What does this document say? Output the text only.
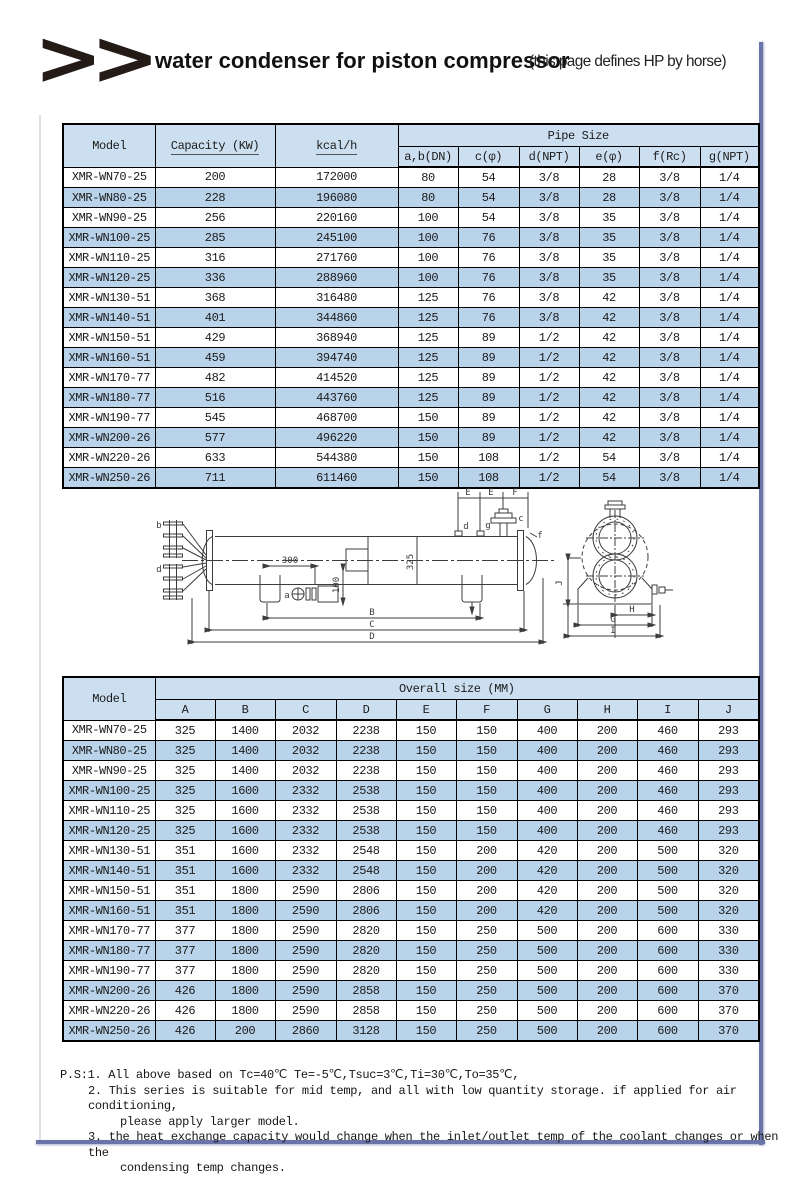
>> water condenser for piston compressor
(this page defines HP by horse)
Model	Capacity (KW)	kcal/h	Pipe Size					
			a,b(DN)	c(φ)	d(NPT)	e(φ)	f(Rc)	g(NPT)
XMR-WN70-25	200	172000	80	54	3/8	28	3/8	1/4
XMR-WN80-25	228	196080	80	54	3/8	28	3/8	1/4
XMR-WN90-25	256	220160	100	54	3/8	35	3/8	1/4
XMR-WN100-25	285	245100	100	76	3/8	35	3/8	1/4
XMR-WN110-25	316	271760	100	76	3/8	35	3/8	1/4
XMR-WN120-25	336	288960	100	76	3/8	35	3/8	1/4
XMR-WN130-51	368	316480	125	76	3/8	42	3/8	1/4
XMR-WN140-51	401	344860	125	76	3/8	42	3/8	1/4
XMR-WN150-51	429	368940	125	89	1/2	42	3/8	1/4
XMR-WN160-51	459	394740	125	89	1/2	42	3/8	1/4
XMR-WN170-77	482	414520	125	89	1/2	42	3/8	1/4
XMR-WN180-77	516	443760	125	89	1/2	42	3/8	1/4
XMR-WN190-77	545	468700	150	89	1/2	42	3/8	1/4
XMR-WN200-26	577	496220	150	89	1/2	42	3/8	1/4
XMR-WN220-26	633	544380	150	108	1/2	54	3/8	1/4
XMR-WN250-26	711	611460	150	108	1/2	54	3/8	1/4
b
d
a
300
100
325
E E F
d g
c
f
B
C
D
H
G
I
J
Model	Overall size (MM)									
	A	B	C	D	E	F	G	H	I	J
XMR-WN70-25	325	1400	2032	2238	150	150	400	200	460	293
XMR-WN80-25	325	1400	2032	2238	150	150	400	200	460	293
XMR-WN90-25	325	1400	2032	2238	150	150	400	200	460	293
XMR-WN100-25	325	1600	2332	2538	150	150	400	200	460	293
XMR-WN110-25	325	1600	2332	2538	150	150	400	200	460	293
XMR-WN120-25	325	1600	2332	2538	150	150	400	200	460	293
XMR-WN130-51	351	1600	2332	2548	150	200	420	200	500	320
XMR-WN140-51	351	1600	2332	2548	150	200	420	200	500	320
XMR-WN150-51	351	1800	2590	2806	150	200	420	200	500	320
XMR-WN160-51	351	1800	2590	2806	150	200	420	200	500	320
XMR-WN170-77	377	1800	2590	2820	150	250	500	200	600	330
XMR-WN180-77	377	1800	2590	2820	150	250	500	200	600	330
XMR-WN190-77	377	1800	2590	2820	150	250	500	200	600	330
XMR-WN200-26	426	1800	2590	2858	150	250	500	200	600	370
XMR-WN220-26	426	1800	2590	2858	150	250	500	200	600	370
XMR-WN250-26	426	200	2860	3128	150	250	500	200	600	370
P.S:1. All above based on Tc=40℃ Te=-5℃,Tsuc=3℃,Ti=30℃,To=35℃,
2. This series is suitable for mid temp, and all with low quantity storage. if applied for air conditioning,
please apply larger model.
3. the heat exchange capacity would change when the inlet/outlet temp of the coolant changes or when the
condensing temp changes.
